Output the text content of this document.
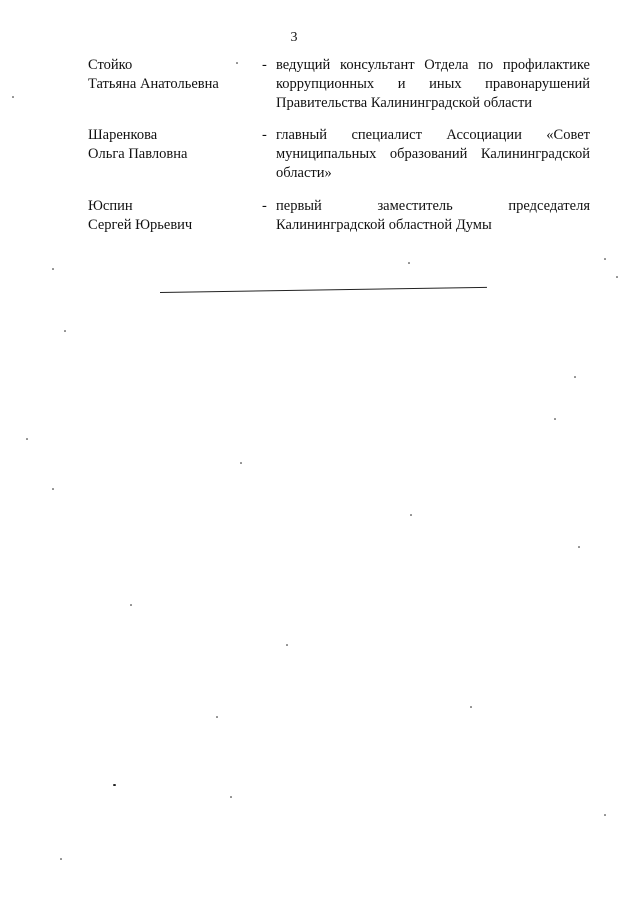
3
Стойко
Татьяна Анатольевна
- ведущий консультант Отдела по профилактике
коррупционных и иных правонарушений
Правительства Калининградской области
Шаренкова
Ольга Павловна
- главный специалист Ассоциации «Совет
муниципальных образований Калининградской
области»
Юспин
Сергей Юрьевич
- первый заместитель председателя
Калининградской областной Думы
